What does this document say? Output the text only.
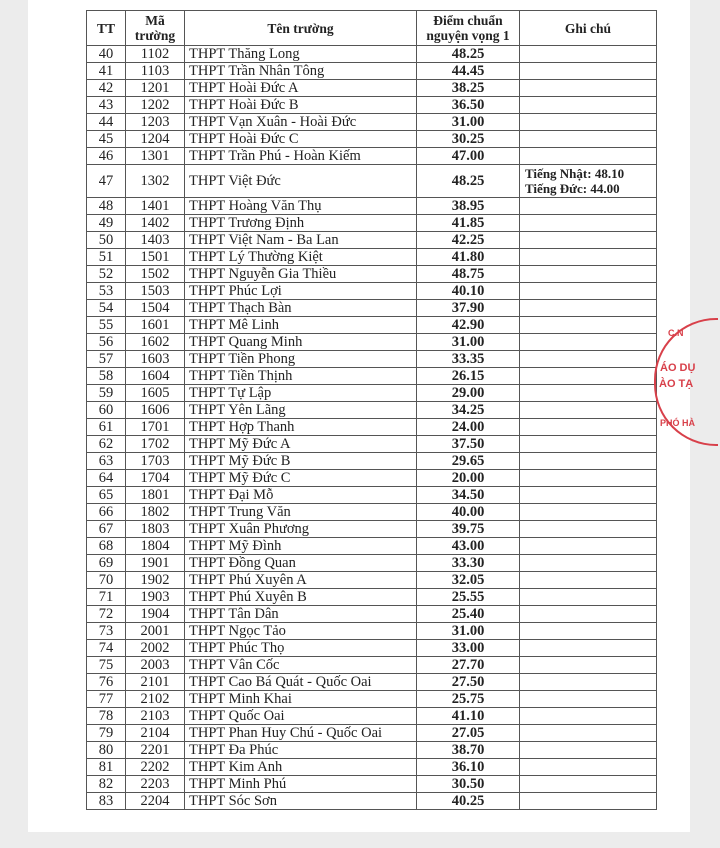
TT	Mã trường	Tên trường	Điểm chuẩn nguyện vọng 1	Ghi chú
40	1102	THPT Thăng Long	48.25	
41	1103	THPT Trần Nhân Tông	44.45	
42	1201	THPT Hoài Đức A	38.25	
43	1202	THPT Hoài Đức B	36.50	
44	1203	THPT Vạn Xuân - Hoài Đức	31.00	
45	1204	THPT Hoài Đức C	30.25	
46	1301	THPT Trần Phú - Hoàn Kiếm	47.00	
47	1302	THPT Việt Đức	48.25	Tiếng Nhật: 48.10
Tiếng Đức: 44.00

48	1401	THPT Hoàng Văn Thụ	38.95	
49	1402	THPT Trương Định	41.85	
50	1403	THPT Việt Nam - Ba Lan	42.25	
51	1501	THPT Lý Thường Kiệt	41.80	
52	1502	THPT Nguyễn Gia Thiều	48.75	
53	1503	THPT Phúc Lợi	40.10	
54	1504	THPT Thạch Bàn	37.90	
55	1601	THPT Mê Linh	42.90	
56	1602	THPT Quang Minh	31.00	
57	1603	THPT Tiền Phong	33.35	
58	1604	THPT Tiền Thịnh	26.15	
59	1605	THPT Tự Lập	29.00	
60	1606	THPT Yên Lãng	34.25	
61	1701	THPT Hợp Thanh	24.00	
62	1702	THPT Mỹ Đức A	37.50	
63	1703	THPT Mỹ Đức B	29.65	
64	1704	THPT Mỹ Đức C	20.00	
65	1801	THPT Đại Mỗ	34.50	
66	1802	THPT Trung Văn	40.00	
67	1803	THPT Xuân Phương	39.75	
68	1804	THPT Mỹ Đình	43.00	
69	1901	THPT Đồng Quan	33.30	
70	1902	THPT Phú Xuyên A	32.05	
71	1903	THPT Phú Xuyên B	25.55	
72	1904	THPT Tân Dân	25.40	
73	2001	THPT Ngọc Tảo	31.00	
74	2002	THPT Phúc Thọ	33.00	
75	2003	THPT Vân Cốc	27.70	
76	2101	THPT Cao Bá Quát - Quốc Oai	27.50	
77	2102	THPT Minh Khai	25.75	
78	2103	THPT Quốc Oai	41.10	
79	2104	THPT Phan Huy Chú - Quốc Oai	27.05	
80	2201	THPT Đa Phúc	38.70	
81	2202	THPT Kim Anh	36.10	
82	2203	THPT Minh Phú	30.50	
83	2204	THPT Sóc Sơn	40.25	
C.N
ÁO DỤ
ÀO TẠ
PHÓ HÀ
